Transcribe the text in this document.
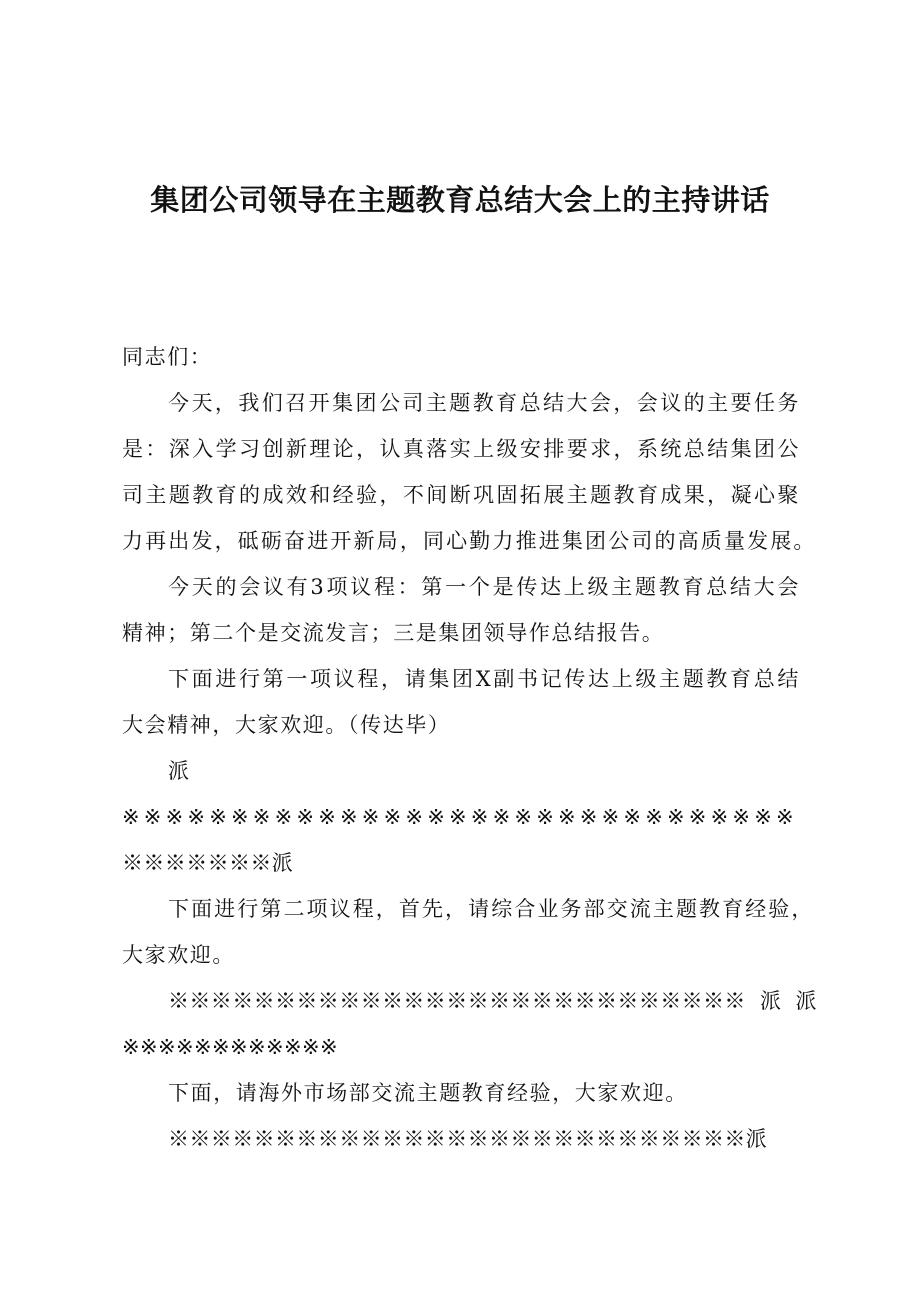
集团公司领导在主题教育总结大会上的主持讲话
同志们：
今天，我们召开集团公司主题教育总结大会，会议的主要任务
是：深入学习创新理论，认真落实上级安排要求，系统总结集团公
司主题教育的成效和经验，不间断巩固拓展主题教育成果，凝心聚
力再出发，砥砺奋进开新局，同心勤力推进集团公司的高质量发展。
今天的会议有3项议程：第一个是传达上级主题教育总结大会
精神；第二个是交流发言；三是集团领导作总结报告。
下面进行第一项议程，请集团X副书记传达上级主题教育总结
大会精神，大家欢迎。（传达毕）
派
※※※※※※※※※※※※※※※※※※※※※※※※※※※※※※※
※※※※※※※派
下面进行第二项议程，首先，请综合业务部交流主题教育经验，
大家欢迎。
※※※※※※※※※※※※※※※※※※※※※※※※※※※  派  派
※※※※※※※※※※※※
下面，请海外市场部交流主题教育经验，大家欢迎。
※※※※※※※※※※※※※※※※※※※※※※※※※※※派
